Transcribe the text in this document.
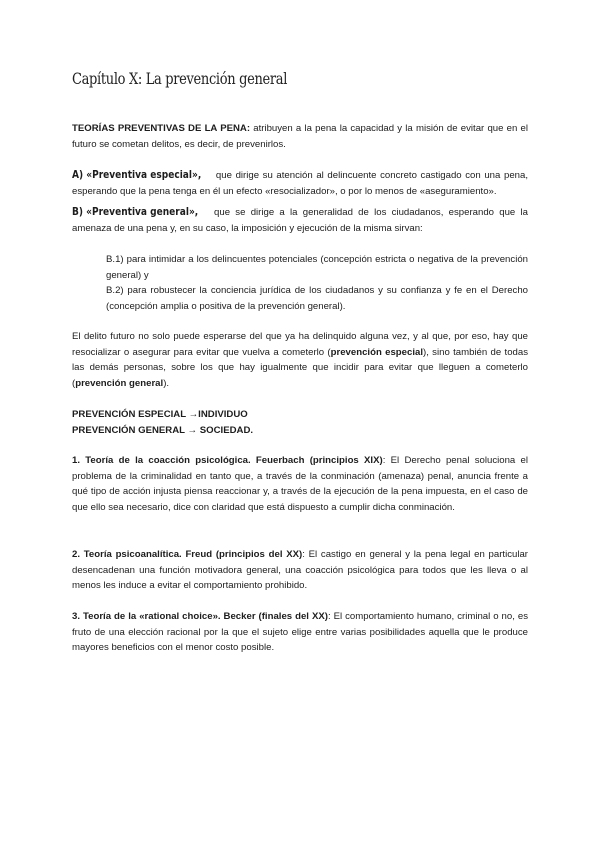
Capítulo X: La prevención general

TEORÍAS PREVENTIVAS DE LA PENA: atribuyen a la pena la capacidad y la misión de evitar que en el futuro se cometan delitos, es decir, de prevenirlos.

A) «Preventiva especial», que dirige su atención al delincuente concreto castigado con una pena, esperando que la pena tenga en él un efecto «resocializador», o por lo menos de «aseguramiento».

B) «Preventiva general», que se dirige a la generalidad de los ciudadanos, esperando que la amenaza de una pena y, en su caso, la imposición y ejecución de la misma sirvan:

B.1) para intimidar a los delincuentes potenciales (concepción estricta o negativa de la prevención general) y

B.2) para robustecer la conciencia jurídica de los ciudadanos y su confianza y fe en el Derecho (concepción amplia o positiva de la prevención general).

El delito futuro no solo puede esperarse del que ya ha delinquido alguna vez, y al que, por eso, hay que resocializar o asegurar para evitar que vuelva a cometerlo (prevención especial), sino también de todas las demás personas, sobre los que hay igualmente que incidir para evitar que lleguen a cometerlo (prevención general).

PREVENCIÓN ESPECIAL →INDIVIDUO

PREVENCIÓN GENERAL → SOCIEDAD.

1. Teoría de la coacción psicológica. Feuerbach (principios XIX): El Derecho penal soluciona el problema de la criminalidad en tanto que, a través de la conminación (amenaza) penal, anuncia frente a qué tipo de acción injusta piensa reaccionar y, a través de la ejecución de la pena impuesta, en el caso de que ello sea necesario, dice con claridad que está dispuesto a cumplir dicha conminación.

2. Teoría psicoanalítica. Freud (principios del XX): El castigo en general y la pena legal en particular desencadenan una función motivadora general, una coacción psicológica para todos que les lleva o al menos les induce a evitar el comportamiento prohibido.

3. Teoría de la «rational choice». Becker (finales del XX): El comportamiento humano, criminal o no, es fruto de una elección racional por la que el sujeto elige entre varias posibilidades aquella que le produce mayores beneficios con el menor costo posible.
